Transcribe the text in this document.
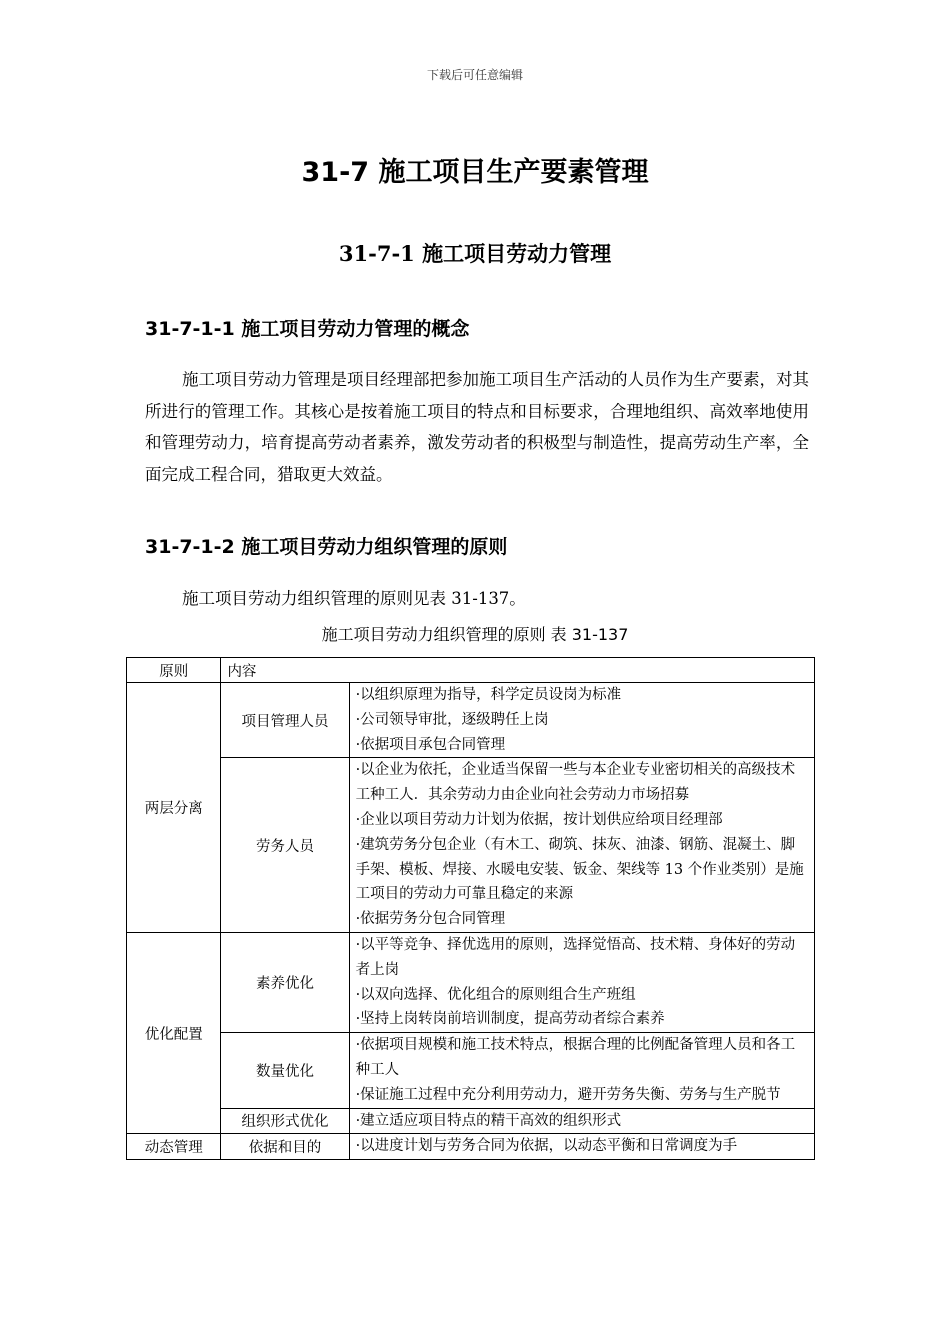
下载后可任意编辑
31-7 施工项目生产要素管理
31-7-1 施工项目劳动力管理
31-7-1-1 施工项目劳动力管理的概念
施工项目劳动力管理是项目经理部把参加施工项目生产活动的人员作为生产要素，对其所进行的管理工作。其核心是按着施工项目的特点和目标要求，合理地组织、高效率地使用和管理劳动力，培育提高劳动者素养，激发劳动者的积极型与制造性，提高劳动生产率，全面完成工程合同，猎取更大效益。
31-7-1-2 施工项目劳动力组织管理的原则
施工项目劳动力组织管理的原则见表 31-137。
施工项目劳动力组织管理的原则 表 31-137
原则	内容	
两层分离	项目管理人员	·以组织原理为指导，科学定员设岗为标准
·公司领导审批，逐级聘任上岗
·依据项目承包合同管理

	劳务人员	·以企业为依托，企业适当保留一些与本企业专业密切相关的高级技术工种工人．其余劳动力由企业向社会劳动力市场招募
·企业以项目劳动力计划为依据，按计划供应给项目经理部
·建筑劳务分包企业（有木工、砌筑、抹灰、油漆、钢筋、混凝土、脚手架、模板、焊接、水暖电安装、钣金、架线等 13 个作业类别）是施工项目的劳动力可靠且稳定的来源
·依据劳务分包合同管理

优化配置	素养优化	·以平等竞争、择优选用的原则，选择觉悟高、技术精、身体好的劳动者上岗
·以双向选择、优化组合的原则组合生产班组
·坚持上岗转岗前培训制度，提高劳动者综合素养

	数量优化	·依据项目规模和施工技术特点，根据合理的比例配备管理人员和各工种工人
·保证施工过程中充分利用劳动力，避开劳务失衡、劳务与生产脱节

	组织形式优化	·建立适应项目特点的精干高效的组织形式

动态管理	依据和目的	·以进度计划与劳务合同为依据，以动态平衡和日常调度为手
